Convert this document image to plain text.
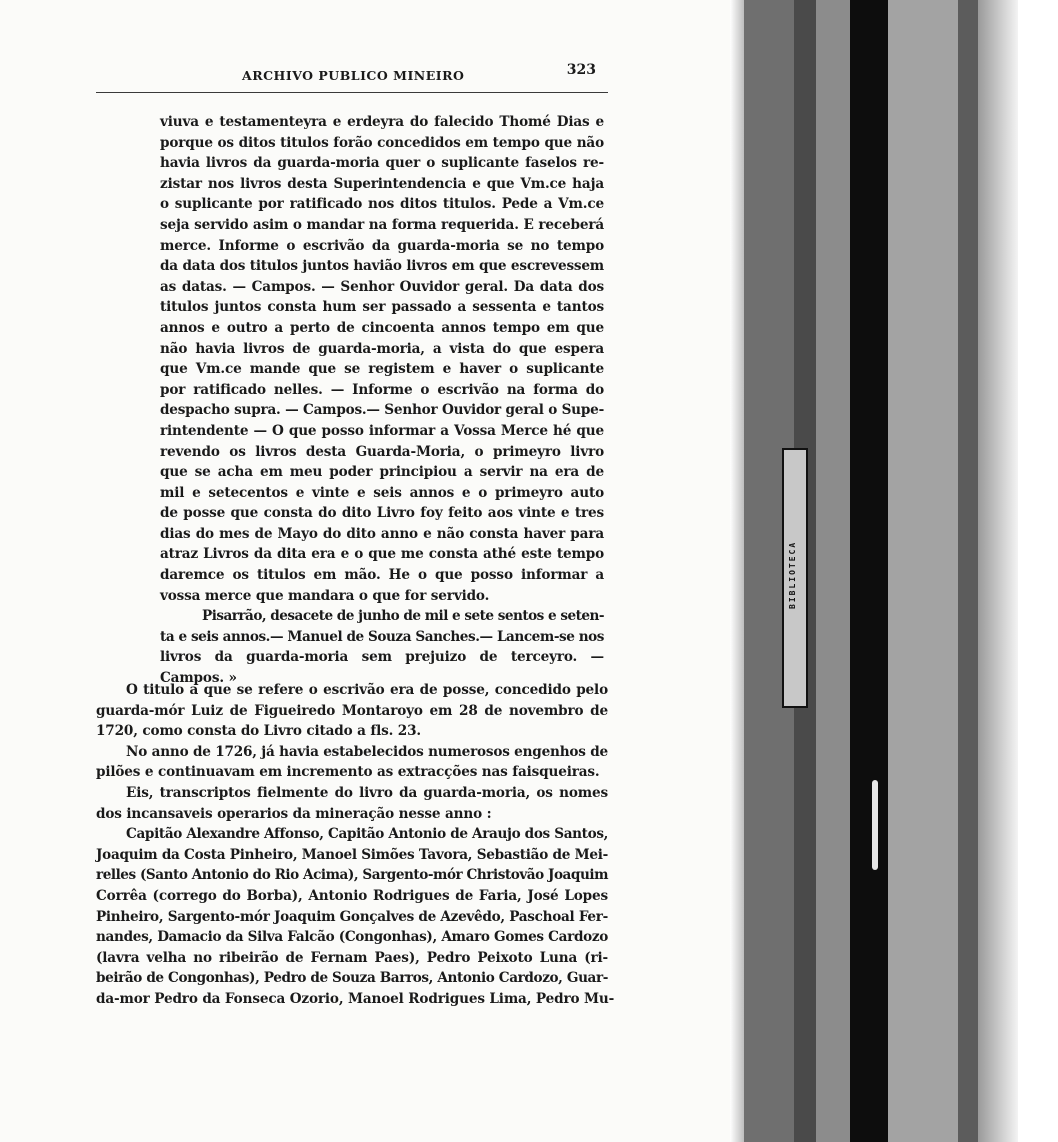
ARCHIVO PUBLICO MINEIRO	323
viuva e testamenteyra e erdeyra do falecido Thomé Dias e
porque os ditos titulos forão concedidos em tempo que não
havia livros da guarda-moria quer o suplicante faselos re-
zistar nos livros desta Superintendencia e que Vm.ce haja
o suplicante por ratificado nos ditos titulos. Pede a Vm.ce
seja servido asim o mandar na forma requerida. E receberá
merce. Informe o escrivão da guarda-moria se no tempo
da data dos titulos juntos havião livros em que escrevessem
as datas. — Campos. — Senhor Ouvidor geral. Da data dos
titulos juntos consta hum ser passado a sessenta e tantos
annos e outro a perto de cincoenta annos tempo em que
não havia livros de guarda-moria, a vista do que espera
que Vm.ce mande que se registem e haver o suplicante
por ratificado nelles. — Informe o escrivão na forma do
despacho supra. — Campos.— Senhor Ouvidor geral o Supe-
rintendente — O que posso informar a Vossa Merce hé que
revendo os livros desta Guarda-Moria, o primeyro livro
que se acha em meu poder principiou a servir na era de
mil e setecentos e vinte e seis annos e o primeyro auto
de posse que consta do dito Livro foy feito aos vinte e tres
dias do mes de Mayo do dito anno e não consta haver para
atraz Livros da dita era e o que me consta athé este tempo
daremce os titulos em mão. He o que posso informar a
vossa merce que mandara o que for servido.
Pisarrão, desacete de junho de mil e sete sentos e seten-
ta e seis annos.— Manuel de Souza Sanches.— Lancem-se nos
livros da guarda-moria sem prejuizo de terceyro. —
Campos. »
O titulo a que se refere o escrivão era de posse, concedido pelo
guarda-mór Luiz de Figueiredo Montaroyo em 28 de novembro de
1720, como consta do Livro citado a fls. 23.
No anno de 1726, já havia estabelecidos numerosos engenhos de
pilões e continuavam em incremento as extracções nas faisqueiras.
Eis, transcriptos fielmente do livro da guarda-moria, os nomes
dos incansaveis operarios da mineração nesse anno :
Capitão Alexandre Affonso, Capitão Antonio de Araujo dos Santos,
Joaquim da Costa Pinheiro, Manoel Simões Tavora, Sebastião de Mei-
relles (Santo Antonio do Rio Acima), Sargento-mór Christovão Joaquim
Corrêa (corrego do Borba), Antonio Rodrigues de Faria, José Lopes
Pinheiro, Sargento-mór Joaquim Gonçalves de Azevêdo, Paschoal Fer-
nandes, Damacio da Silva Falcão (Congonhas), Amaro Gomes Cardozo
(lavra velha no ribeirão de Fernam Paes), Pedro Peixoto Luna (ri-
beirão de Congonhas), Pedro de Souza Barros, Antonio Cardozo, Guar-
da-mor Pedro da Fonseca Ozorio, Manoel Rodrigues Lima, Pedro Mu-
BIBLIOTECA
